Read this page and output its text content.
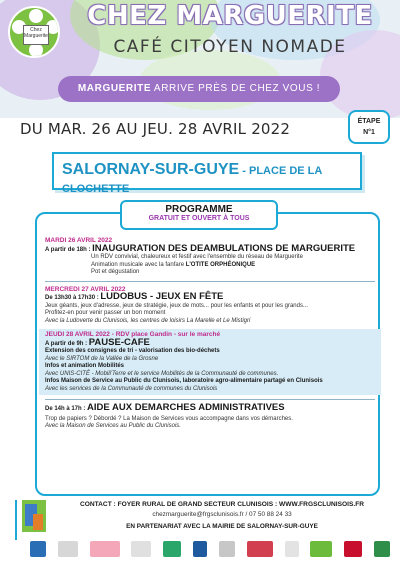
Chez Marguerite
CHEZ MARGUERITE
CAFÉ CITOYEN NOMADE
MARGUERITE ARRIVE PRÈS DE CHEZ VOUS !
DU MAR. 26 AU JEU. 28 AVRIL 2022	ÉTAPE
N°1
SALORNAY-SUR-GUYE - PLACE DE LA CLOCHETTE
MARDI 26 AVRIL 2022
A partir de 18h : INAUGURATION DES DEAMBULATIONS DE MARGUERITE
Un RDV convivial, chaleureux et festif avec l'ensemble du réseau de Marguerite
Animation musicale avec la fanfare L'OTITE ORPHÉONIQUE
Pot et dégustation
MERCREDI 27 AVRIL 2022
De 13h30 à 17h30 : LUDOBUS - JEUX EN FÊTE
Jeux géants, jeux d'adresse, jeux de stratégie, jeux de mots... pour les enfants et pour les grands...
Profitez-en pour venir passer un bon moment
Avec la Ludoverte du Clunisois, les centres de loisirs La Marelle et Le Mistigri
JEUDI 28 AVRIL 2022 - RDV place Gandin - sur le marché
A partir de 9h : PAUSE-CAFE
Extension des consignes de tri - valorisation des bio-déchets
Avec le SIRTOM de la Vallée de la Grosne
Infos et animation Mobilités
Avec UNIS-CITÉ - Mobili'Terre et le service Mobilités de la Communauté de communes.
Infos Maison de Service au Public du Clunisois, laboratoire agro-alimentaire partagé en Clunisois
Avec les services de la Communauté de communes du Clunisois
De 14h à 17h : AIDE AUX DEMARCHES ADMINISTRATIVES
Trop de papiers ? Débordé ? La Maison de Services vous accompagne dans vos démarches.
Avec la Maison de Services au Public du Clunisois.
PROGRAMME
GRATUIT ET OUVERT À TOUS
CONTACT : FOYER RURAL DE GRAND SECTEUR CLUNISOIS : WWW.FRGSCLUNISOIS.FR
chezmarguerite@frgsclunisois.fr / 07 50 88 24 33
EN PARTENARIAT AVEC LA MAIRIE DE SALORNAY-SUR-GUYE
